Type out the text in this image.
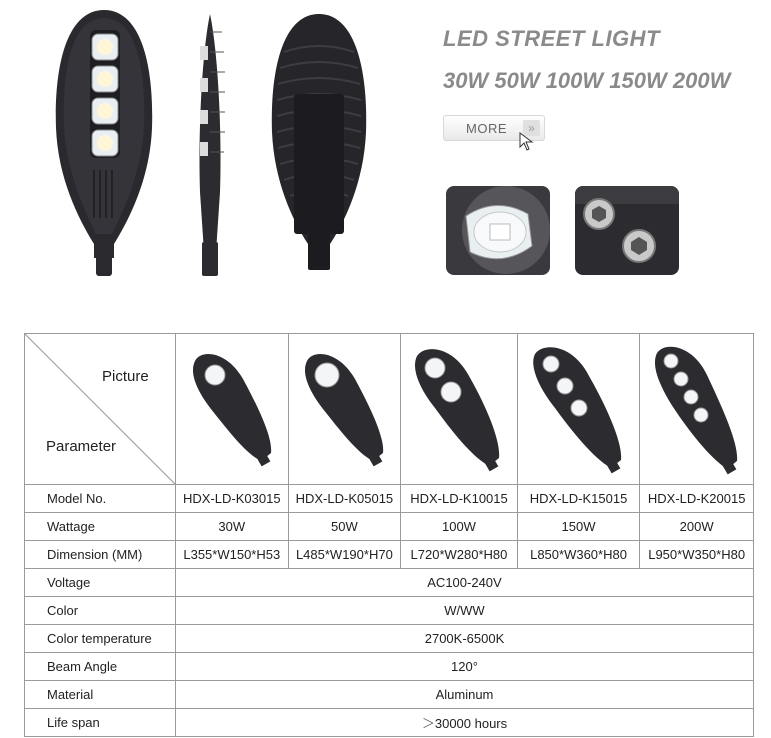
LED STREET LIGHT
30W 50W 100W 150W 200W
MORE	»
Picture
Parameter

Model No.	HDX-LD-K03015	HDX-LD-K05015	HDX-LD-K10015	HDX-LD-K15015	HDX-LD-K20015
Wattage	30W	50W	100W	150W	200W
Dimension (MM)	L355*W150*H53	L485*W190*H70	L720*W280*H80	L850*W360*H80	L950*W350*H80
Voltage	AC100-240V				
Color	W/WW				
Color temperature	2700K-6500K				
Beam Angle	120°				
Material	Aluminum				
Life span	＞30000 hours				
